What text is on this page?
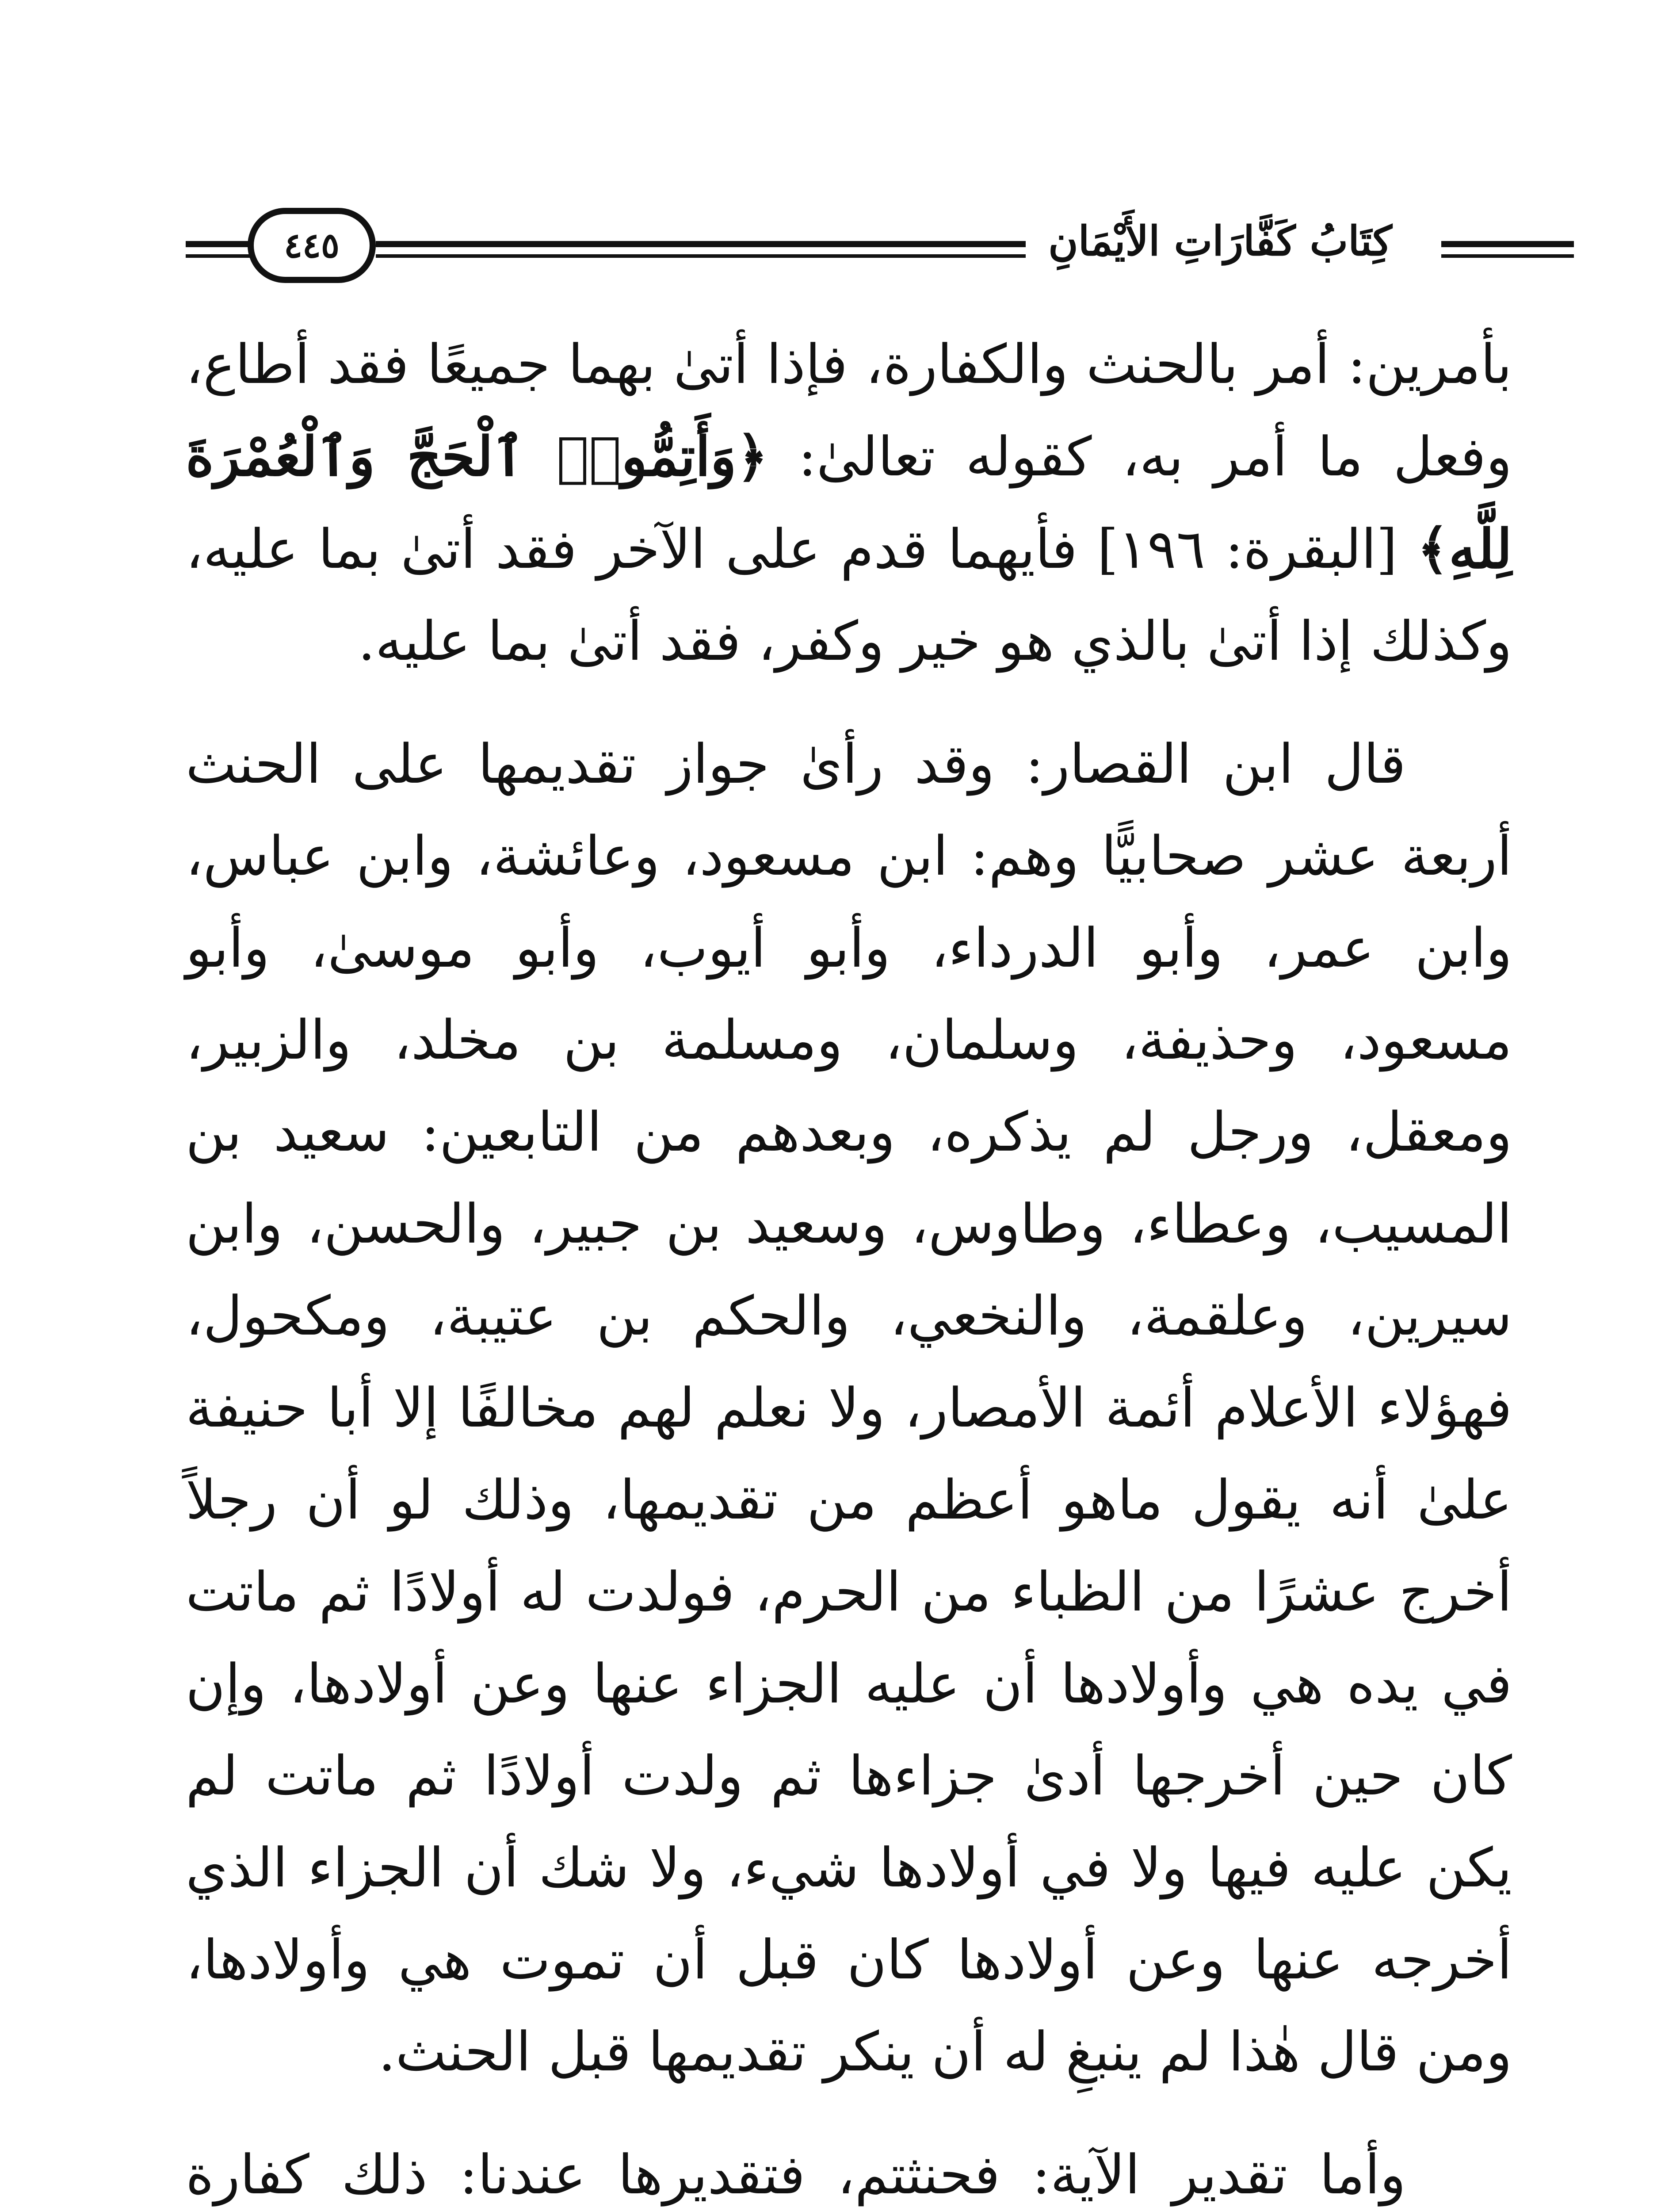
٤٤٥	كِتَابُ كَفَّارَاتِ الأَيْمَانِ

بأمرين: أمر بالحنث والكفارة، فإذا أتىٰ بهما جميعًا فقد أطاع، وفعل ما أمر به، كقوله تعالىٰ: ﴿وَأَتِمُّوا۟ ٱلْحَجَّ وَٱلْعُمْرَةَ لِلَّهِ﴾ [البقرة: ١٩٦] فأيهما قدم على الآخر فقد أتىٰ بما عليه، وكذلك إذا أتىٰ بالذي هو خير وكفر، فقد أتىٰ بما عليه.

قال ابن القصار: وقد رأىٰ جواز تقديمها على الحنث أربعة عشر صحابيًّا وهم: ابن مسعود، وعائشة، وابن عباس، وابن عمر، وأبو الدرداء، وأبو أيوب، وأبو موسىٰ، وأبو مسعود، وحذيفة، وسلمان، ومسلمة بن مخلد، والزبير، ومعقل، ورجل لم يذكره، وبعدهم من التابعين: سعيد بن المسيب، وعطاء، وطاوس، وسعيد بن جبير، والحسن، وابن سيرين، وعلقمة، والنخعي، والحكم بن عتيبة، ومكحول، فهؤلاء الأعلام أئمة الأمصار، ولا نعلم لهم مخالفًا إلا أبا حنيفة علىٰ أنه يقول ماهو أعظم من تقديمها، وذلك لو أن رجلاً أخرج عشرًا من الظباء من الحرم، فولدت له أولادًا ثم ماتت في يده هي وأولادها أن عليه الجزاء عنها وعن أولادها، وإن كان حين أخرجها أدىٰ جزاءها ثم ولدت أولادًا ثم ماتت لم يكن عليه فيها ولا في أولادها شيء، ولا شك أن الجزاء الذي أخرجه عنها وعن أولادها كان قبل أن تموت هي وأولادها، ومن قال هٰذا لم ينبغِ له أن ينكر تقديمها قبل الحنث.

وأما تقدير الآية: فحنثتم، فتقديرها عندنا: ذلك كفارة
